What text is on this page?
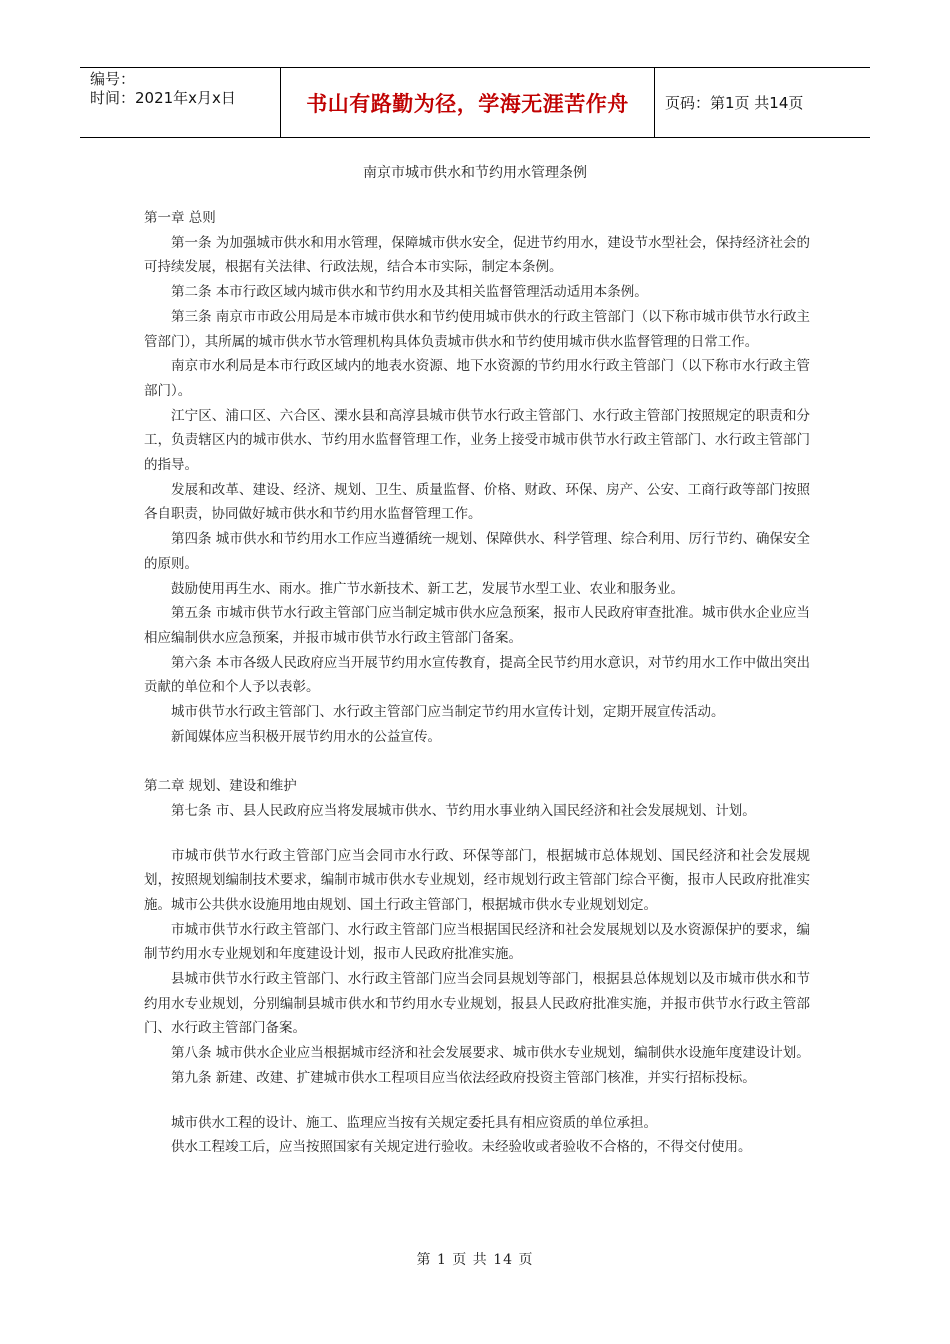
编号：
时间：2021年x月x日	书山有路勤为径，学海无涯苦作舟 页码：第1页 共14页
南京市城市供水和节约用水管理条例

第一章 总则

第一条 为加强城市供水和用水管理，保障城市供水安全，促进节约用水，建设节水型社会，保持经济社会的可持续发展，根据有关法律、行政法规，结合本市实际，制定本条例。

第二条 本市行政区域内城市供水和节约用水及其相关监督管理活动适用本条例。

第三条 南京市市政公用局是本市城市供水和节约使用城市供水的行政主管部门（以下称市城市供节水行政主管部门），其所属的城市供水节水管理机构具体负责城市供水和节约使用城市供水监督管理的日常工作。

南京市水利局是本市行政区域内的地表水资源、地下水资源的节约用水行政主管部门（以下称市水行政主管部门）。

江宁区、浦口区、六合区、溧水县和高淳县城市供节水行政主管部门、水行政主管部门按照规定的职责和分工，负责辖区内的城市供水、节约用水监督管理工作，业务上接受市城市供节水行政主管部门、水行政主管部门的指导。

发展和改革、建设、经济、规划、卫生、质量监督、价格、财政、环保、房产、公安、工商行政等部门按照各自职责，协同做好城市供水和节约用水监督管理工作。

第四条 城市供水和节约用水工作应当遵循统一规划、保障供水、科学管理、综合利用、厉行节约、确保安全的原则。

鼓励使用再生水、雨水。推广节水新技术、新工艺，发展节水型工业、农业和服务业。

第五条 市城市供节水行政主管部门应当制定城市供水应急预案，报市人民政府审查批准。城市供水企业应当相应编制供水应急预案，并报市城市供节水行政主管部门备案。

第六条 本市各级人民政府应当开展节约用水宣传教育，提高全民节约用水意识，对节约用水工作中做出突出贡献的单位和个人予以表彰。

城市供节水行政主管部门、水行政主管部门应当制定节约用水宣传计划，定期开展宣传活动。

新闻媒体应当积极开展节约用水的公益宣传。

第二章 规划、建设和维护

第七条 市、县人民政府应当将发展城市供水、节约用水事业纳入国民经济和社会发展规划、计划。

市城市供节水行政主管部门应当会同市水行政、环保等部门，根据城市总体规划、国民经济和社会发展规划，按照规划编制技术要求，编制市城市供水专业规划，经市规划行政主管部门综合平衡，报市人民政府批准实施。城市公共供水设施用地由规划、国土行政主管部门，根据城市供水专业规划划定。

市城市供节水行政主管部门、水行政主管部门应当根据国民经济和社会发展规划以及水资源保护的要求，编制节约用水专业规划和年度建设计划，报市人民政府批准实施。

县城市供节水行政主管部门、水行政主管部门应当会同县规划等部门，根据县总体规划以及市城市供水和节约用水专业规划，分别编制县城市供水和节约用水专业规划，报县人民政府批准实施，并报市供节水行政主管部门、水行政主管部门备案。

第八条 城市供水企业应当根据城市经济和社会发展要求、城市供水专业规划，编制供水设施年度建设计划。

第九条 新建、改建、扩建城市供水工程项目应当依法经政府投资主管部门核准，并实行招标投标。

城市供水工程的设计、施工、监理应当按有关规定委托具有相应资质的单位承担。

供水工程竣工后，应当按照国家有关规定进行验收。未经验收或者验收不合格的，不得交付使用。

第 1 页 共 14 页
